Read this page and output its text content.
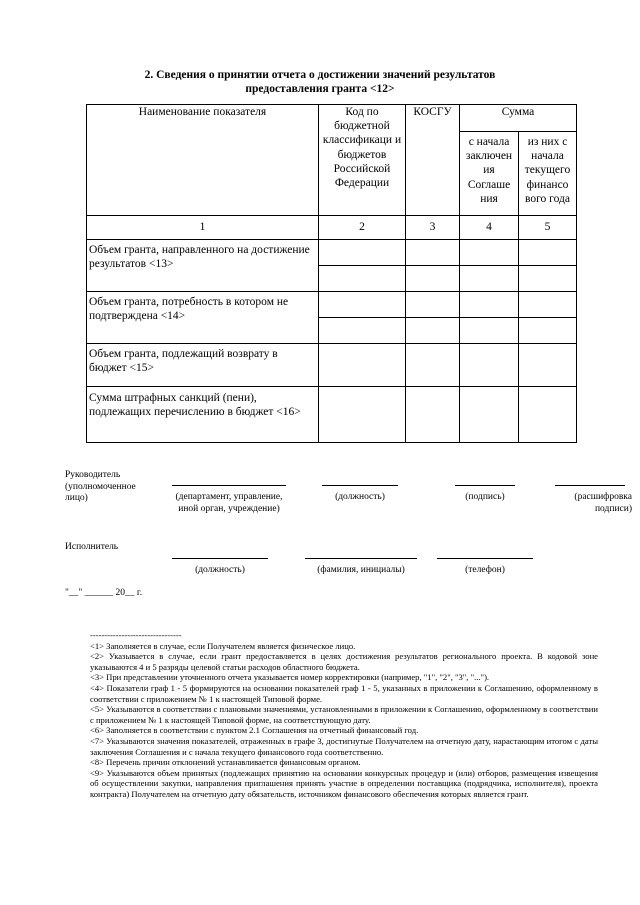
2. Сведения о принятии отчета о достижении значений результатов
предоставления гранта <12>
Наименование показателя	Код по бюджетной классификаци и бюджетов Российской Федерации	КОСГУ	Сумма	
			с начала заключен ия Соглаше ния	из них с начала текущего финансо вого года
1	2	3	4	5
Объем гранта, направленного на достижение результатов <13>				

Объем гранта, потребность в котором не подтверждена <14>				

Объем гранта, подлежащий возврату в бюджет <15>				
Сумма штрафных санкций (пени), подлежащих перечислению в бюджет <16>				
Руководитель (уполномоченное лицо)	(департамент, управление, иной орган, учреждение)
(должность)	(подпись)	(расшифровка подписи)
Исполнитель
(должность)	(фамилия, инициалы)	(телефон)
"__" ______ 20__ г.

--------------------------------

<1> Заполняется в случае, если Получателем является физическое лицо.

<2> Указывается в случае, если грант предоставляется в целях достижения результатов регионального проекта. В кодовой зоне указываются 4 и 5 разряды целевой статьи расходов областного бюджета.

<3> При представлении уточненного отчета указывается номер корректировки (например, "1", "2", "3", "...").

<4> Показатели граф 1 - 5 формируются на основании показателей граф 1 - 5, указанных в приложении к Соглашению, оформленному в соответствии с приложением № 1 к настоящей Типовой форме.

<5> Указываются в соответствии с плановыми значениями, установленными в приложении к Соглашению, оформленному в соответствии с приложением № 1 к настоящей Типовой форме, на соответствующую дату.

<6> Заполняется в соответствии с пунктом 2.1 Соглашения на отчетный финансовый год.

<7> Указываются значения показателей, отраженных в графе 3, достигнутые Получателем на отчетную дату, нарастающим итогом с даты заключения Соглашения и с начала текущего финансового года соответственно.

<8> Перечень причин отклонений устанавливается финансовым органом.

<9> Указываются объем принятых (подлежащих принятию на основании конкурсных процедур и (или) отборов, размещения извещения об осуществлении закупки, направления приглашения принять участие в определении поставщика (подрядчика, исполнителя), проекта контракта) Получателем на отчетную дату обязательств, источником финансового обеспечения которых является грант.
